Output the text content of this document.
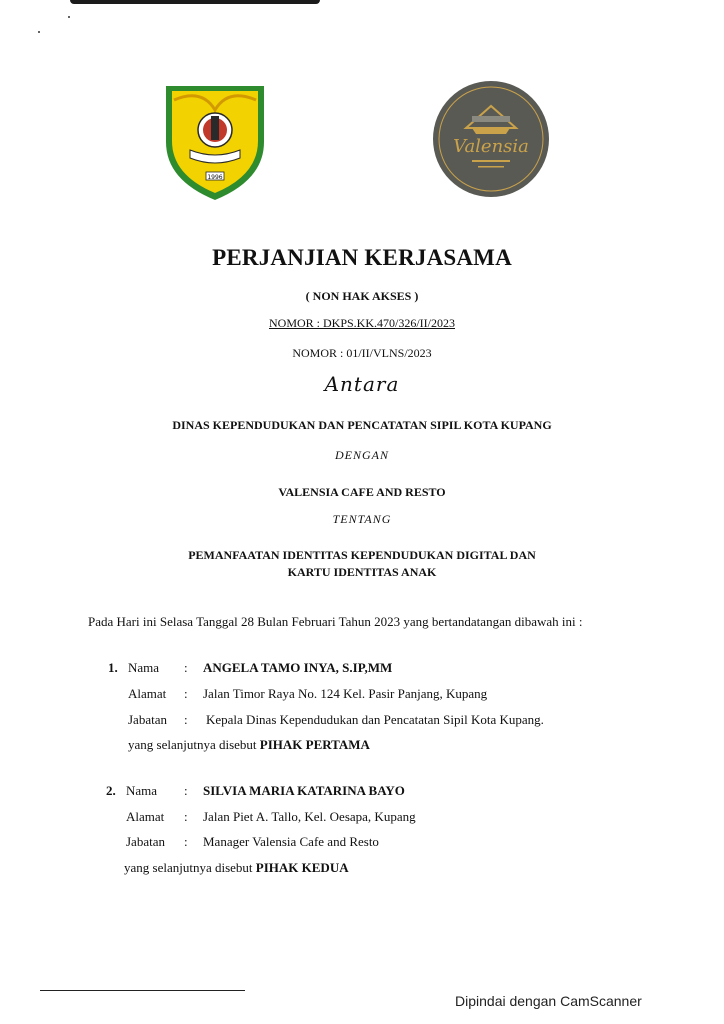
1996
Valensia
PERJANJIAN KERJASAMA
( NON HAK AKSES )
NOMOR : DKPS.KK.470/326/II/2023
NOMOR : 01/II/VLNS/2023
Antara
DINAS KEPENDUDUKAN DAN PENCATATAN SIPIL KOTA KUPANG
DENGAN
VALENSIA CAFE AND RESTO
TENTANG
PEMANFAATAN IDENTITAS KEPENDUDUKAN DIGITAL DAN
KARTU IDENTITAS ANAK
Pada Hari ini Selasa Tanggal 28 Bulan Februari Tahun 2023 yang bertandatangan dibawah ini :
1. Nama : ANGELA TAMO INYA, S.IP,MM
Alamat : Jalan Timor Raya No. 124 Kel. Pasir Panjang, Kupang
Jabatan : Kepala Dinas Kependudukan dan Pencatatan Sipil Kota Kupang.
yang selanjutnya disebut PIHAK PERTAMA
2. Nama : SILVIA MARIA KATARINA BAYO
Alamat : Jalan Piet A. Tallo, Kel. Oesapa, Kupang
Jabatan : Manager Valensia Cafe and Resto
yang selanjutnya disebut PIHAK KEDUA
Dipindai dengan CamScanner
